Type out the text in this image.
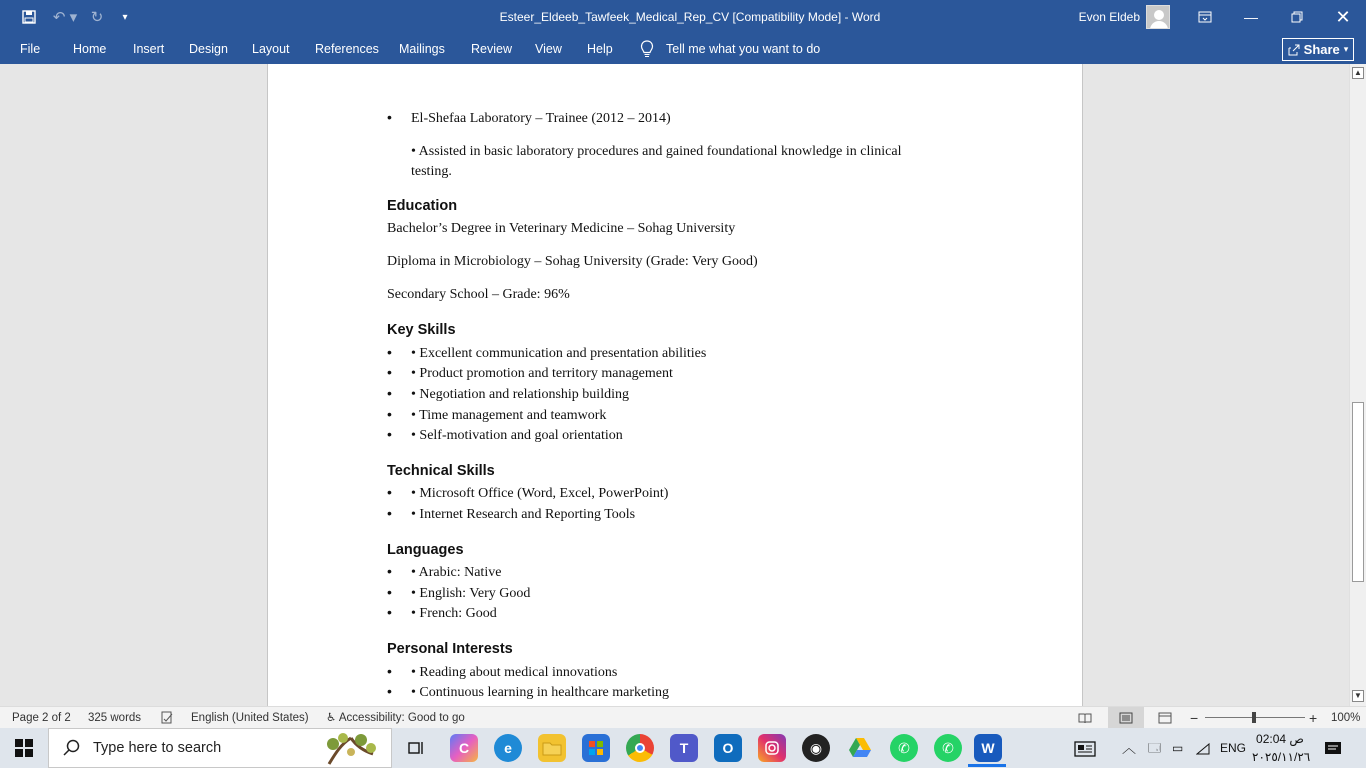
↶ ▾ ↻	▾	Esteer_Eldeeb_Tawfeek_Medical_Rep_CV [Compatibility Mode] - Word	Evon Eldeb	—	✕
File	Home Insert Design Layout References Mailings Review View Help	Tell me what you want to do	Share ▾
• El-Shefaa Laboratory – Trainee (2012 – 2014)
• Assisted in basic laboratory procedures and gained foundational knowledge in clinical
testing.
Education
Bachelor’s Degree in Veterinary Medicine – Sohag University
Diploma in Microbiology – Sohag University (Grade: Very Good)
Secondary School – Grade: 96%
Key Skills
• • Excellent communication and presentation abilities
• • Product promotion and territory management
• • Negotiation and relationship building
• • Time management and teamwork
• • Self-motivation and goal orientation
Technical Skills
• • Microsoft Office (Word, Excel, PowerPoint)
• • Internet Research and Reporting Tools
Languages
• • Arabic: Native
• • English: Very Good
• • French: Good
Personal Interests
• • Reading about medical innovations
• • Continuous learning in healthcare marketing
▲
▼
Page 2 of 2 325 words	English (United States) ♿ Accessibility: Good to go	−	+ 100%
Type here to search	C	e	T	O	◉	✆	✆	W	︿ 🗔 ▭	ENG
02:04 ص
٢٠٢٥/١١/٢٦
